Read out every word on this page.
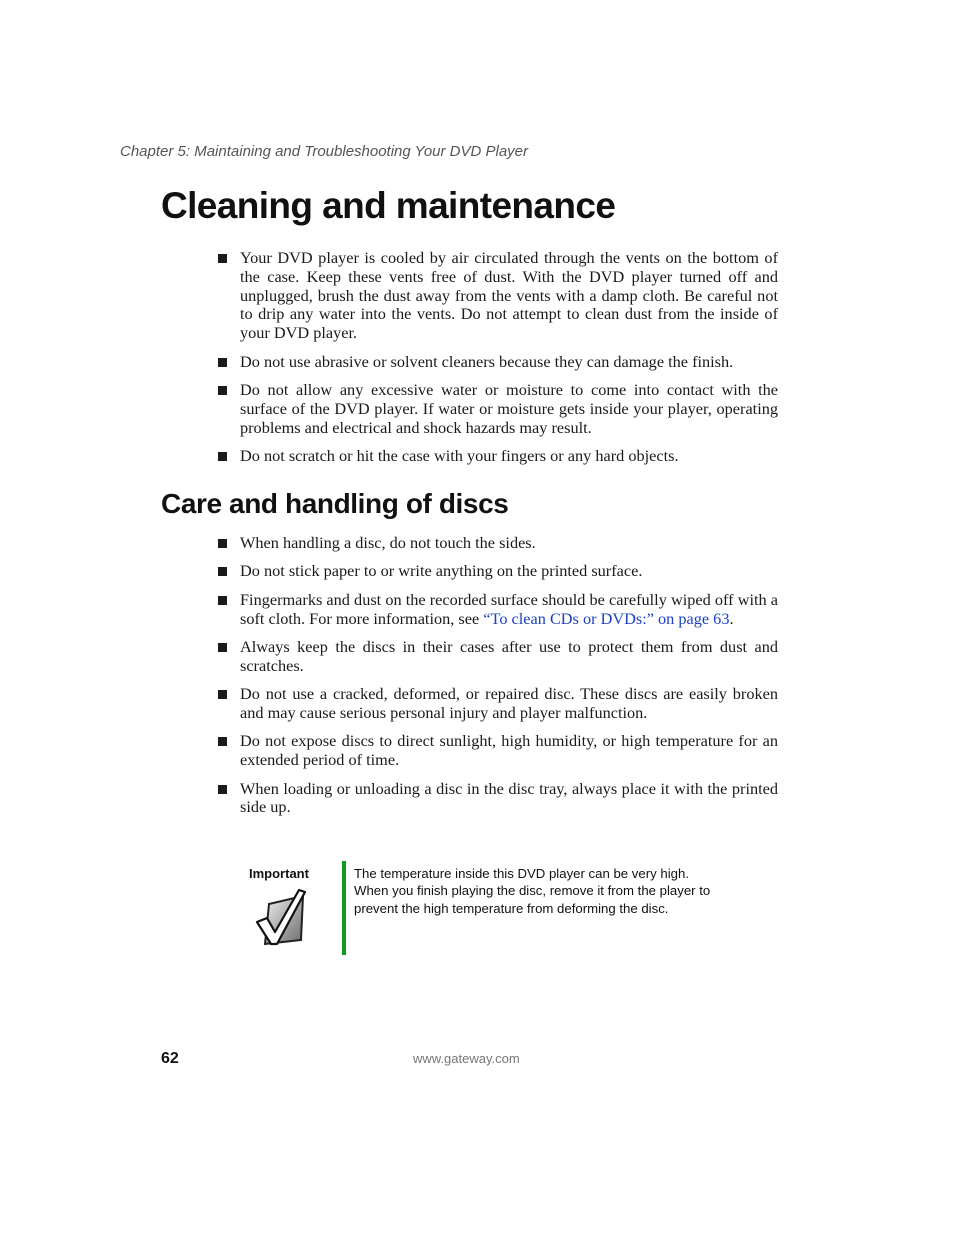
Chapter 5: Maintaining and Troubleshooting Your DVD Player
Cleaning and maintenance
Your DVD player is cooled by air circulated through the vents on the bottom of the case. Keep these vents free of dust. With the DVD player turned off and unplugged, brush the dust away from the vents with a damp cloth. Be careful not to drip any water into the vents. Do not attempt to clean dust from the inside of your DVD player.
Do not use abrasive or solvent cleaners because they can damage the finish.
Do not allow any excessive water or moisture to come into contact with the surface of the DVD player. If water or moisture gets inside your player, operating problems and electrical and shock hazards may result.
Do not scratch or hit the case with your fingers or any hard objects.
Care and handling of discs
When handling a disc, do not touch the sides.
Do not stick paper to or write anything on the printed surface.
Fingermarks and dust on the recorded surface should be carefully wiped off with a soft cloth. For more information, see “To clean CDs or DVDs:” on page 63.
Always keep the discs in their cases after use to protect them from dust and scratches.
Do not use a cracked, deformed, or repaired disc. These discs are easily broken and may cause serious personal injury and player malfunction.
Do not expose discs to direct sunlight, high humidity, or high temperature for an extended period of time.
When loading or unloading a disc in the disc tray, always place it with the printed side up.
Important	The temperature inside this DVD player can be very high. When you finish playing the disc, remove it from the player to prevent the high temperature from deforming the disc.
62	www.gateway.com
